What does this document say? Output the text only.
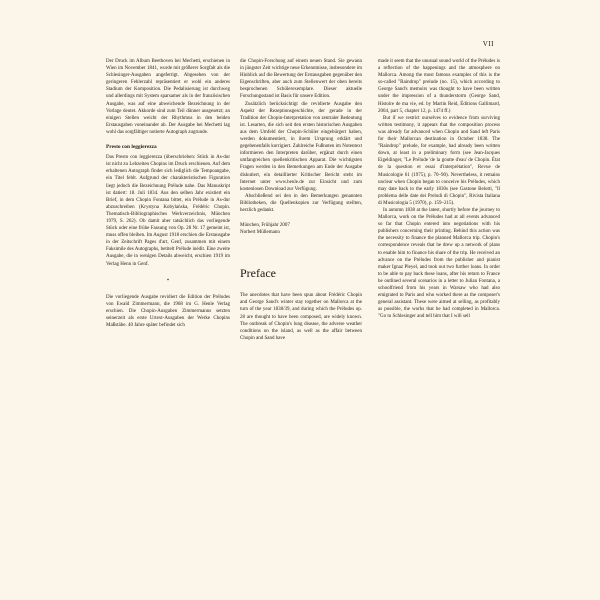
VII

Der Druck im Album Beethoven bei Mechetti, erschienen in Wien im November 1841, wurde mit größerer Sorgfalt als die Schlesinger-Ausgaben angefertigt. Abgesehen von der geringeren Fehlerzahl repräsentiert er wohl ein anderes Stadium der Komposition. Die Pedalisierung ist durchweg und allerdings mit System sparsamer als in der französischen Ausgabe, was auf eine abweichende Bezeichnung in der Vorlage deutet. Akkorde sind zum Teil dünner ausgesetzt; an einigen Stellen weicht der Rhythmus in den beiden Erstausgaben voneinander ab. Der Ausgabe bei Mechetti lag wohl das sorgfältiger notierte Autograph zugrunde.

Presto con leggierezza

Das Presto con leggierezza (überschrieben: Stück in As-dur ist nicht zu Lebzeiten Chopins im Druck erschienen. Auf dem erhaltenen Autograph findet sich lediglich die Tempoangabe, ein Titel fehlt. Aufgrund der charakteristischen Figuration liegt jedoch die Bezeichnung Prélude nahe. Das Manuskript ist datiert: 18. Juli 1834. Aus den selben Jahr existiert ein Brief, in dem Chopin Fontana bittet, ein Prélude in As-dur abzuschreiben (Krystyna Kobylańska, Frédéric Chopin. Thematisch-Bibliographisches Werkverzeichnis, München 1979, S. 262). Ob damit aber tatsächlich das vorliegende Stück oder eine frühe Fassung von Op. 28 Nr. 17 gemeint ist, muss offen bleiben. Im August 1918 erschien die Erstausgabe in der Zeitschrift Pages d'art, Genf, zusammen mit einem Faksimile des Autographs, betitelt Prélude inédit. Eine zweite Ausgabe, die in wenigen Details abweicht, erschien 1919 im Verlag Henn in Genf.

*

Die vorliegende Ausgabe revidiert die Edition der Préludes von Ewald Zimmermann, die 1968 im G. Henle Verlag erschien. Die Chopin-Ausgaben Zimmermanns setzten seinerzeit als erste Urtext-Ausgaben der Werke Chopins Maßstäbe. 40 Jahre später befindet sich

die Chopin-Forschung auf einem neuen Stand. Sie gewann in jüngster Zeit wichtige neue Erkenntnisse, insbesondere im Hinblick auf die Bewertung der Erstausgaben gegenüber den Eigenschriften, aber auch zum Stellenwert der oben bereits besprochenen Schülerexemplare. Dieser aktuelle Forschungsstand ist Basis für unsere Edition.

Zusätzlich berücksichtigt die revidierte Ausgabe den Aspekt der Rezeptionsgeschichte, der gerade in der Tradition der Chopin-Interpretation von zentraler Bedeutung ist. Lesarten, die sich seit den ersten historischen Ausgaben aus dem Umfeld der Chopin-Schüler eingebürgert haben, werden dokumentiert, in ihrem Ursprung erklärt und gegebenenfalls korrigiert. Zahlreiche Fußnoten im Notentext informieren den Interpreten darüber, ergänzt durch einen umfangreichen quellenkritischen Apparat. Die wichtigsten Fragen werden in den Bemerkungen am Ende der Ausgabe diskutiert, ein detaillierter Kritischer Bericht steht im Internet unter www.henle.de zur Einsicht und zum kostenlosen Download zur Verfügung.

Abschließend sei den in den Bemerkungen genannten Bibliotheken, die Quellenkopien zur Verfügung stellten, herzlich gedankt.

München, Frühjahr 2007
Norbert Müllemann
Preface

The anecdotes that have been spun about Frédéric Chopin and George Sand's winter stay together on Mallorca at the turn of the year 1838/39, and during which the Préludes op. 28 are thought to have been composed, are widely known. The outbreak of Chopin's lung disease, the adverse weather conditions on the island, as well as the affair between Chopin and Sand have

made it seem that the unusual sound world of the Préludes is a reflection of the happenings and the atmosphere on Mallorca. Among the most famous examples of this is the so-called "Raindrop" prelude (no. 15), which according to George Sand's memoirs was thought to have been written under the impression of a thunderstorm (George Sand, Histoire de ma vie, ed. by Martin Reid, Éditions Gallimard, 2004, part 5, chapter 12, p. 1474 ff.)

But if we restrict ourselves to evidence from surviving written testimony, it appears that the composition process was already far advanced when Chopin and Sand left Paris for their Mallorcan destination in October 1838. The "Raindrop" prelude, for example, had already been written down, at least in a preliminary form (see Jean-Jacques Eigeldinger, "Le Prélude 'de la goutte d'eau' de Chopin. État de la question et essai d'interprétation", Revue de Musicologie 61 (1975), p. 70–90). Nevertheless, it remains unclear when Chopin began to conceive his Préludes, which may date back to the early 1830s (see Gastone Belotti, "Il problema delle date dei Preludi di Chopin", Rivista Italiana di Musicologia 5 (1970), p. 159–215).

In autumn 1838 at the latest, shortly before the journey to Mallorca, work on the Préludes had at all events advanced so far that Chopin entered into negotiations with his publishers concerning their printing. Behind this action was the necessity to finance the planned Mallorca trip. Chopin's correspondence reveals that he drew up a network of plans to enable him to finance his share of the trip. He received an advance on the Préludes from the publisher and pianist maker Ignaz Pleyel, and took out two further loans. In order to be able to pay back these loans, after his return to France he outlined several scenarios in a letter to Julian Fontana, a schoolfriend from his years in Warsaw who had also emigrated to Paris and who worked there as the composer's general assistant. These were aimed at selling, as profitably as possible, the works that he had completed in Mallorca. "Go to Schlesinger and tell him that I will sell
